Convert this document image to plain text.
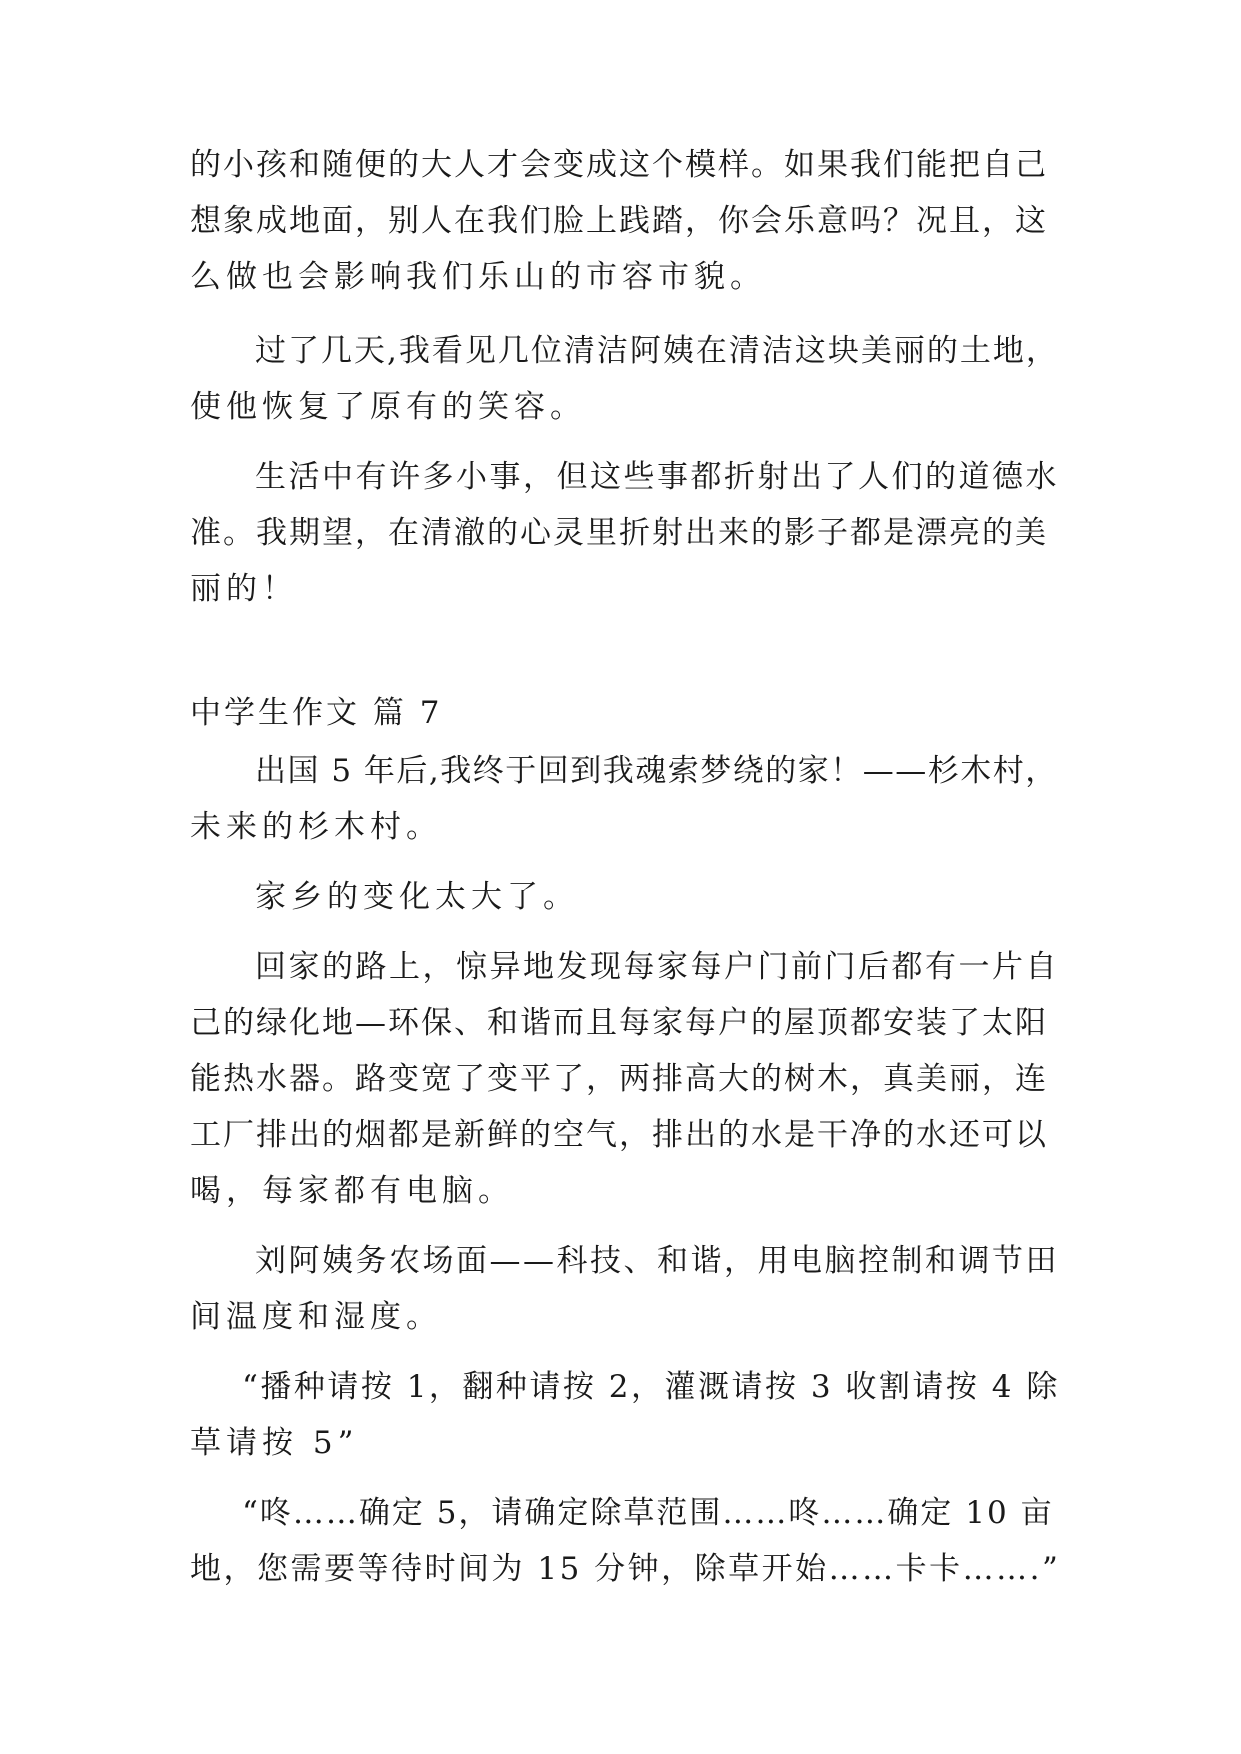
的小孩和随便的大人才会变成这个模样。如果我们能把自己
想象成地面，别人在我们脸上践踏，你会乐意吗？况且，这
么做也会影响我们乐山的市容市貌。
过了几天,我看见几位清洁阿姨在清洁这块美丽的土地，
使他恢复了原有的笑容。
生活中有许多小事，但这些事都折射出了人们的道德水
准。我期望，在清澈的心灵里折射出来的影子都是漂亮的美
丽的！
中学生作文 篇 7
出国 5 年后,我终于回到我魂索梦绕的家！——杉木村，
未来的杉木村。
家乡的变化太大了。
回家的路上，惊异地发现每家每户门前门后都有一片自
己的绿化地—环保、和谐而且每家每户的屋顶都安装了太阳
能热水器。路变宽了变平了，两排高大的树木，真美丽，连
工厂排出的烟都是新鲜的空气，排出的水是干净的水还可以
喝，每家都有电脑。
刘阿姨务农场面——科技、和谐，用电脑控制和调节田
间温度和湿度。
“播种请按 1，翻种请按 2，灌溉请按 3 收割请按 4 除
草请按 5”
“咚……确定 5，请确定除草范围……咚……确定 10 亩
地，您需要等待时间为 15 分钟，除草开始……卡卡…….”
